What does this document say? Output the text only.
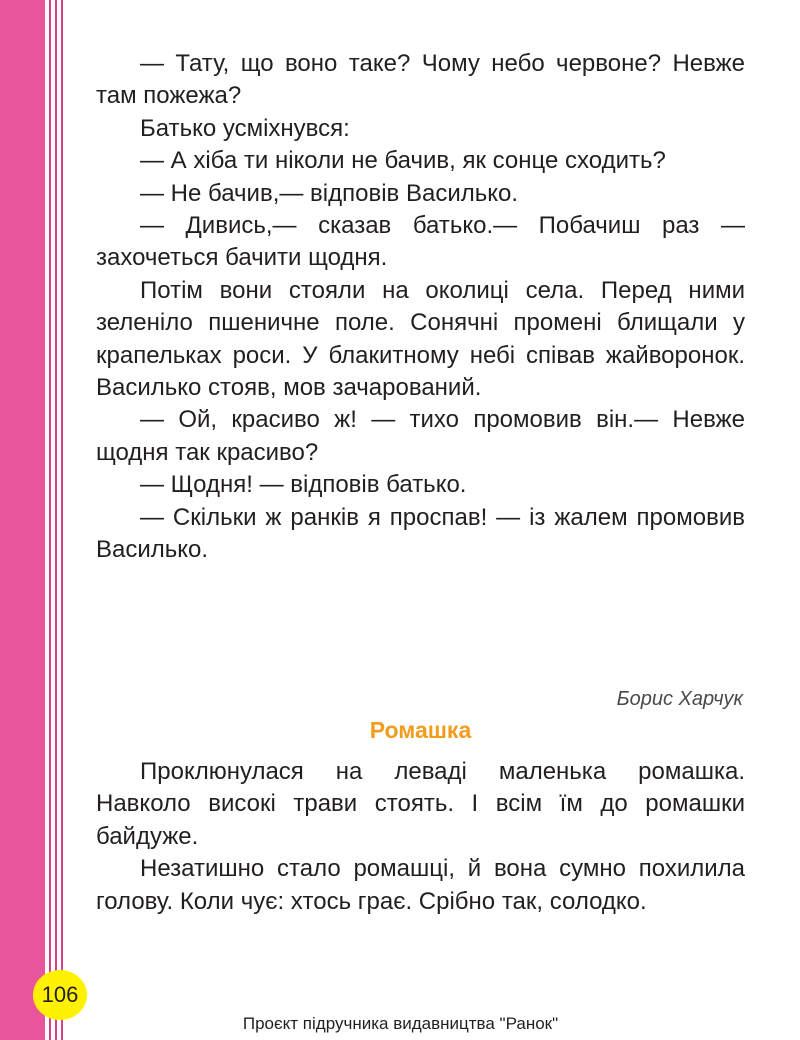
— Тату, що воно таке? Чому небо червоне? Невже там пожежа?

Батько усміхнувся:

— А хіба ти ніколи не бачив, як сонце сходить?

— Не бачив,— відповів Василько.

— Дивись,— сказав батько.— Побачиш раз — захочеться бачити щодня.

Потім вони стояли на околиці села. Перед ними зеленіло пшеничне поле. Сонячні промені блищали у крапельках роси. У блакитному небі співав жайворонок. Василько стояв, мов зачарований.

— Ой, красиво ж! — тихо промовив він.— Невже щодня так красиво?

— Щодня! — відповів батько.

— Скільки ж ранків я проспав! — із жалем промовив Василько.

Борис Харчук
Ромашка

Проклюнулася на леваді маленька ромашка. Навколо високі трави стоять. І всім їм до ромашки байдуже.

Незатишно стало ромашці, й вона сумно похилила голову. Коли чує: хтось грає. Срібно так, солодко.

106
Проєкт підручника видавництва "Ранок"
